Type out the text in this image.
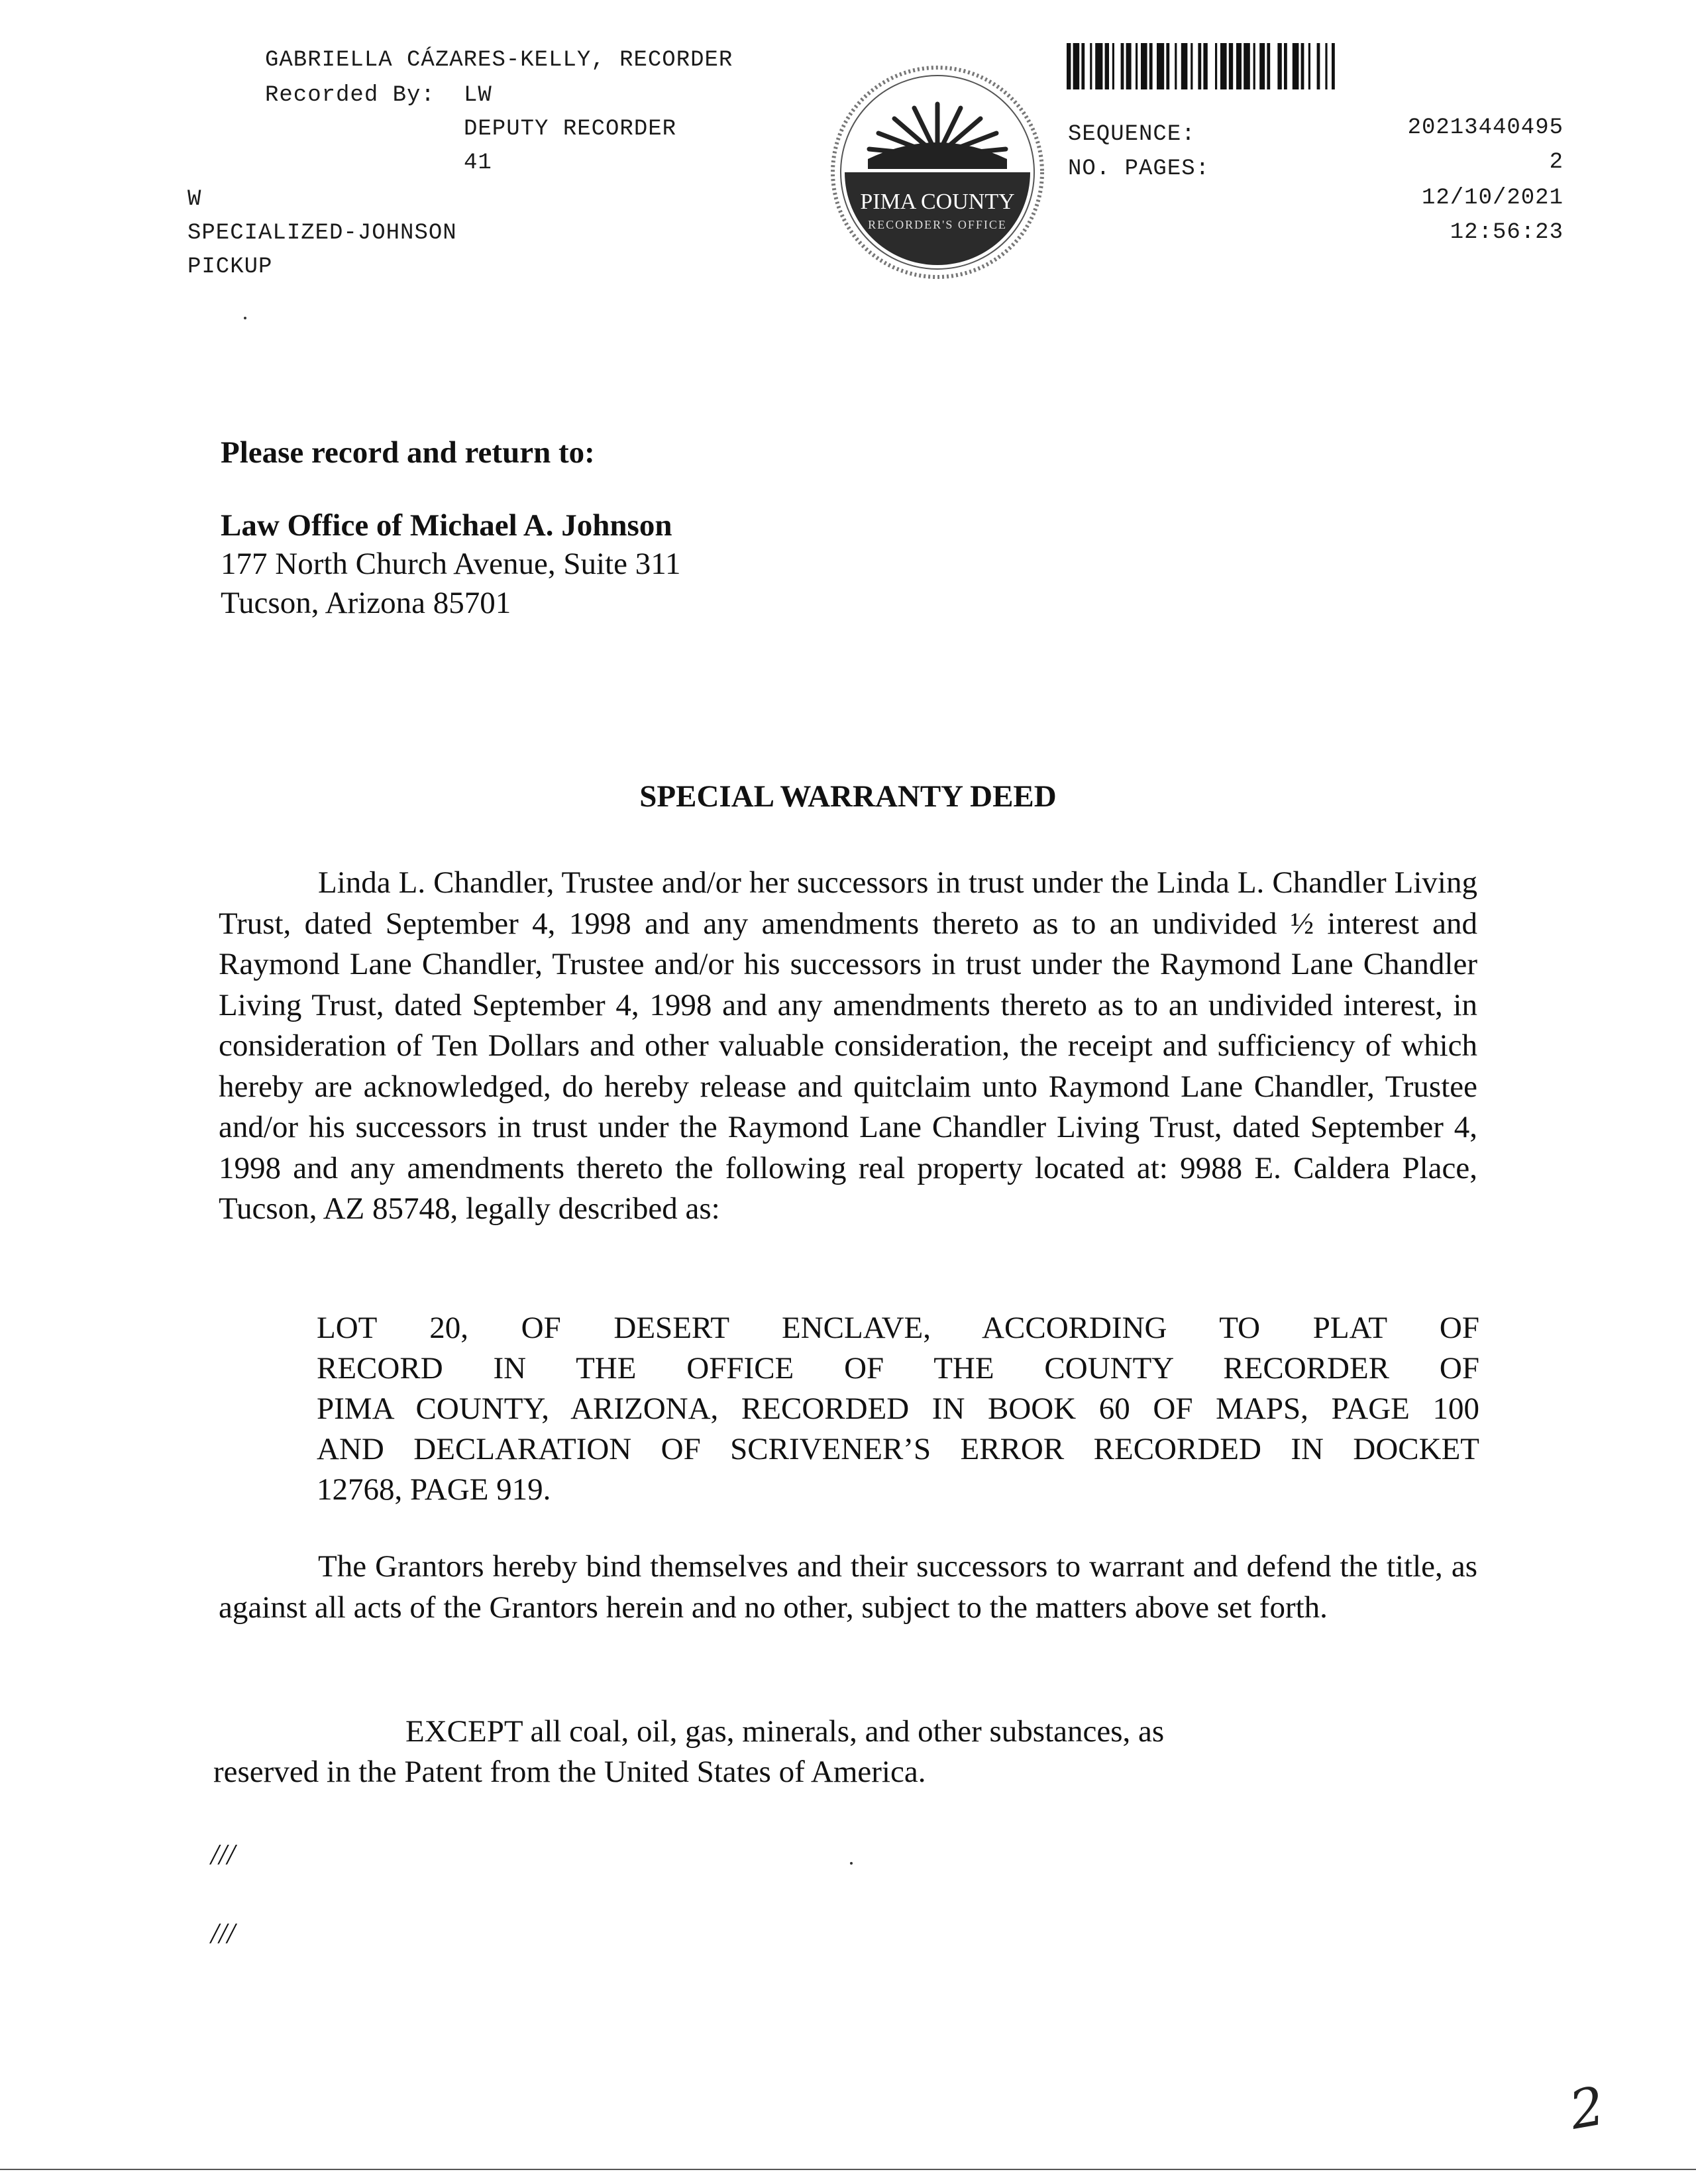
GABRIELLA CÁZARES-KELLY, RECORDER
Recorded By: LW
DEPUTY RECORDER
41
W
SPECIALIZED-JOHNSON
PICKUP
PIMA COUNTY
RECORDER'S OFFICE
SEQUENCE:	20213440495
NO. PAGES:	2
12/10/2021
12:56:23
Please record and return to:
Law Office of Michael A. Johnson
177 North Church Avenue, Suite 311
Tucson, Arizona 85701
SPECIAL WARRANTY DEED

Linda L. Chandler, Trustee and/or her successors in trust under the Linda L. Chandler Living Trust, dated September 4, 1998 and any amendments thereto as to an undivided ½ interest and Raymond Lane Chandler, Trustee and/or his successors in trust under the Raymond Lane Chandler Living Trust, dated September 4, 1998 and any amendments thereto as to an undivided interest, in consideration of Ten Dollars and other valuable consideration, the receipt and sufficiency of which hereby are acknowledged, do hereby release and quitclaim unto Raymond Lane Chandler, Trustee and/or his successors in trust under the Raymond Lane Chandler Living Trust, dated September 4, 1998 and any amendments thereto the following real property located at: 9988 E. Caldera Place, Tucson, AZ 85748, legally described as:

LOT 20, OF DESERT ENCLAVE, ACCORDING TO PLAT OF
RECORD IN THE OFFICE OF THE COUNTY RECORDER OF
PIMA COUNTY, ARIZONA, RECORDED IN BOOK 60 OF MAPS, PAGE 100
AND DECLARATION OF SCRIVENER’S ERROR RECORDED IN DOCKET
12768, PAGE 919.

The Grantors hereby bind themselves and their successors to warrant and defend the title, as against all acts of the Grantors herein and no other, subject to the matters above set forth.

EXCEPT all coal, oil, gas, minerals, and other substances, as
reserved in the Patent from the United States of America.
///
///
2
